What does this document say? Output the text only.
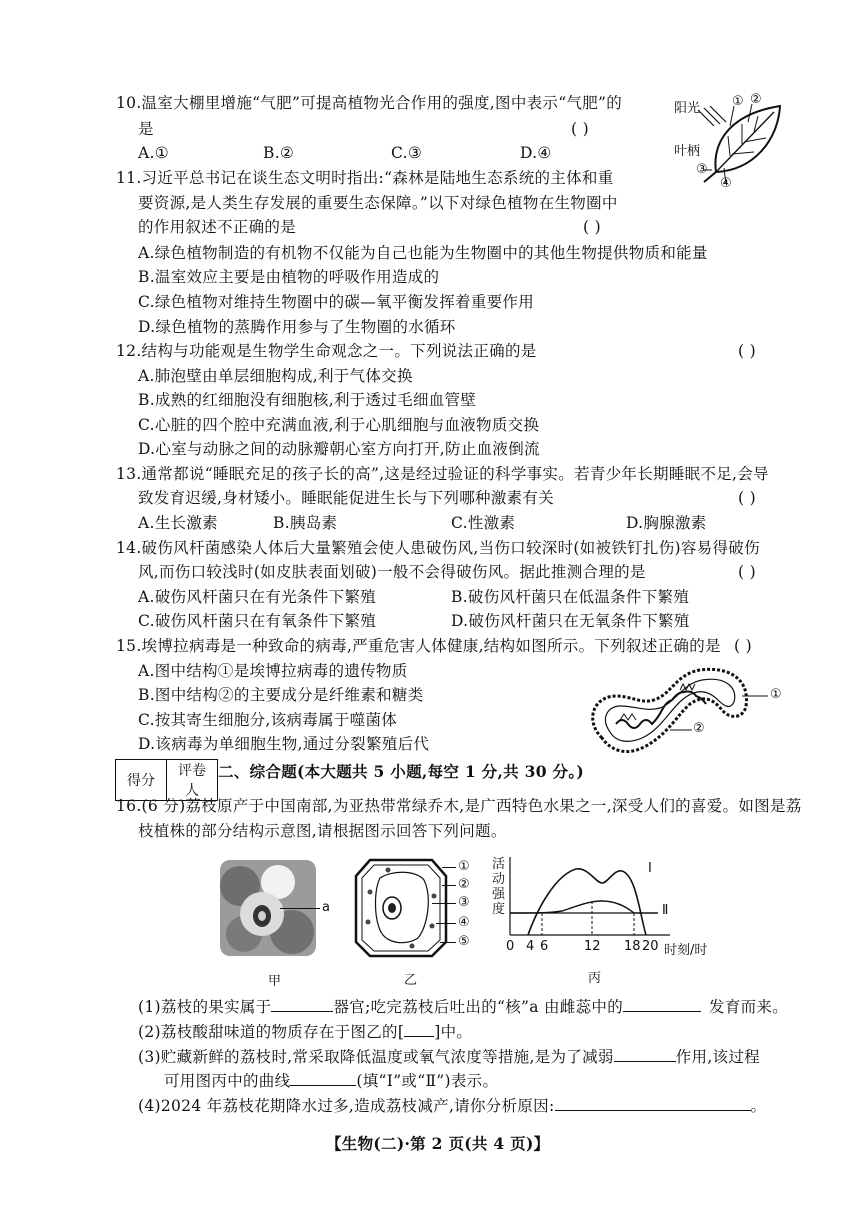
10.温室大棚里增施“气肥”可提高植物光合作用的强度,图中表示“气肥”的
是	( )
A.①	B.②	C.③	D.④
阳光
叶柄
① ②
③
④
11.习近平总书记在谈生态文明时指出:“森林是陆地生态系统的主体和重
要资源,是人类生存发展的重要生态保障。”以下对绿色植物在生物圈中
的作用叙述不正确的是	( )
A.绿色植物制造的有机物不仅能为自己也能为生物圈中的其他生物提供物质和能量
B.温室效应主要是由植物的呼吸作用造成的
C.绿色植物对维持生物圈中的碳—氧平衡发挥着重要作用
D.绿色植物的蒸腾作用参与了生物圈的水循环
12.结构与功能观是生物学生命观念之一。下列说法正确的是	( )
A.肺泡壁由单层细胞构成,利于气体交换
B.成熟的红细胞没有细胞核,利于透过毛细血管壁
C.心脏的四个腔中充满血液,利于心肌细胞与血液物质交换
D.心室与动脉之间的动脉瓣朝心室方向打开,防止血液倒流
13.通常都说“睡眠充足的孩子长的高”,这是经过验证的科学事实。若青少年长期睡眠不足,会导
致发育迟缓,身材矮小。睡眠能促进生长与下列哪种激素有关	( )
A.生长激素	B.胰岛素	C.性激素	D.胸腺激素
14.破伤风杆菌感染人体后大量繁殖会使人患破伤风,当伤口较深时(如被铁钉扎伤)容易得破伤
风,而伤口较浅时(如皮肤表面划破)一般不会得破伤风。据此推测合理的是	( )
A.破伤风杆菌只在有光条件下繁殖	B.破伤风杆菌只在低温条件下繁殖
C.破伤风杆菌只在有氧条件下繁殖	D.破伤风杆菌只在无氧条件下繁殖
15.埃博拉病毒是一种致命的病毒,严重危害人体健康,结构如图所示。下列叙述正确的是 ( )
A.图中结构①是埃博拉病毒的遗传物质
B.图中结构②的主要成分是纤维素和糖类
C.按其寄生细胞分,该病毒属于噬菌体
D.该病毒为单细胞生物,通过分裂繁殖后代
①
②
得分	评卷人
二、综合题(本大题共 5 小题,每空 1 分,共 30 分。)
16.(6 分)荔枝原产于中国南部,为亚热带常绿乔木,是广西特色水果之一,深受人们的喜爱。如图是荔
枝植株的部分结构示意图,请根据图示回答下列问题。
a
甲
①
②
③
④
⑤
乙
活动强度
Ⅰ
Ⅱ
0 4 6	12 18 20 时刻/时
丙
(1)荔枝的果实属于	器官;吃完荔枝后吐出的“核”a 由雌蕊中的	发育而来。
(2)荔枝酸甜味道的物质存在于图乙的[ ]中。
(3)贮藏新鲜的荔枝时,常采取降低温度或氧气浓度等措施,是为了减弱	作用,该过程
可用图丙中的曲线	(填“Ⅰ”或“Ⅱ”)表示。
(4)2024 年荔枝花期降水过多,造成荔枝减产,请你分析原因:	。
【生物(二)·第 2 页(共 4 页)】
